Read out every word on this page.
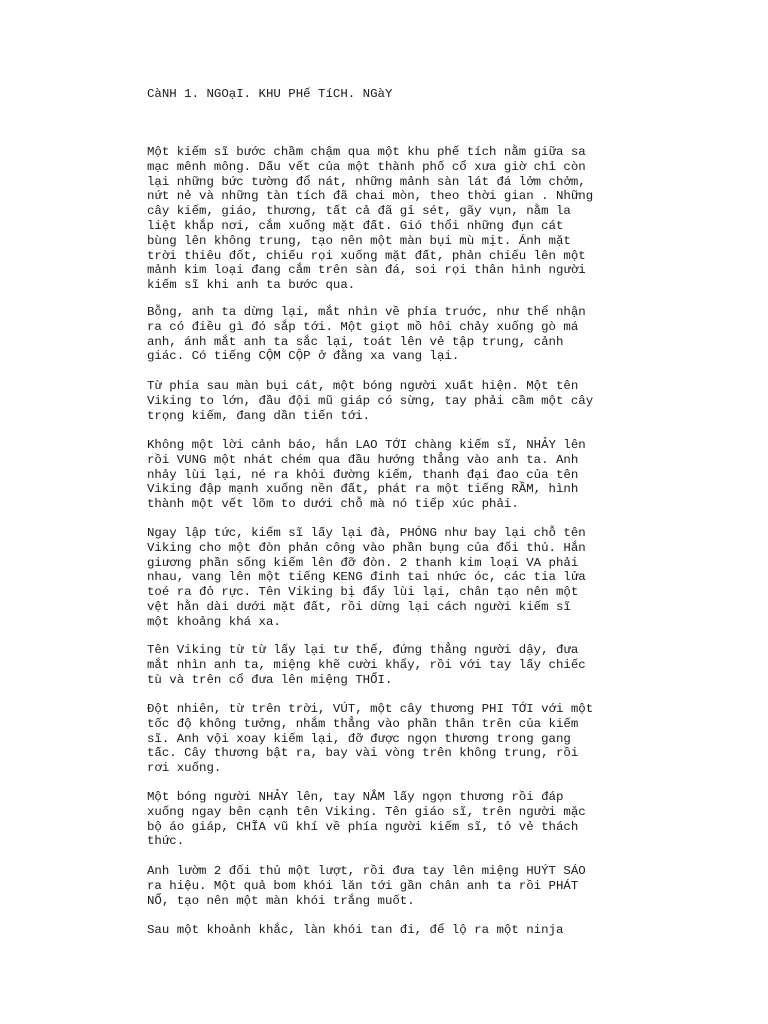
CàNH 1. NGOạI. KHU PHế TíCH. NGàY
Một kiếm sĩ bước chầm chậm qua một khu phế tích nằm giữa sa
mạc mênh mông. Dấu vết của một thành phố cổ xưa giờ chỉ còn
lại những bức tường đổ nát, những mảnh sàn lát đá lởm chởm,
nứt nẻ và những tàn tích đã chai mòn, theo thời gian . Những
cây kiếm, giáo, thương, tất cả đã gỉ sét, gãy vụn, nằm la
liệt khắp nơi, cắm xuống mặt đất. Gió thổi những đụn cát
bùng lên không trung, tạo nên một màn bụi mù mịt. Ánh mặt
trời thiêu đốt, chiếu rọi xuống mặt đất, phản chiếu lên một
mảnh kim loại đang cắm trên sàn đá, soi rọi thân hình người
kiếm sĩ khi anh ta bước qua.
Bỗng, anh ta dừng lại, mắt nhìn về phía truớc, như thể nhận
ra có điều gì đó sắp tới. Một giọt mồ hôi chảy xuống gò má
anh, ánh mắt anh ta sắc lại, toát lên vẻ tập trung, cảnh
giác. Có tiếng CỘM CỘP ở đằng xa vang lại.
Từ phía sau màn bụi cát, một bóng người xuất hiện. Một tên
Viking to lớn, đầu đội mũ giáp có sừng, tay phải cầm một cây
trọng kiếm, đang dần tiến tới.
Không một lời cảnh báo, hắn LAO TỚI chàng kiếm sĩ, NHẢY lên
rồi VUNG một nhát chém qua đầu hướng thẳng vào anh ta. Anh
nhảy lùi lại, né ra khỏi đường kiếm, thanh đại đao của tên
Viking đập mạnh xuống nền đất, phát ra một tiếng RẦM, hình
thành một vết lõm to dưới chỗ mà nó tiếp xúc phải.
Ngay lập tức, kiếm sĩ lấy lại đà, PHÓNG như bay lại chỗ tên
Viking cho một đòn phản công vào phần bụng của đối thủ. Hắn
giương phần sống kiếm lên đỡ đòn. 2 thanh kim loại VA phải
nhau, vang lên một tiếng KENG đinh tai nhức óc, các tia lửa
toé ra đỏ rực. Tên Viking bị đẩy lùi lại, chân tạo nên một
vệt hằn dài dưới mặt đất, rồi dừng lại cách người kiếm sĩ
một khoảng khá xa.
Tên Viking từ từ lấy lại tư thế, đứng thẳng người dậy, đưa
mắt nhìn anh ta, miệng khẽ cười khẩy, rồi với tay lấy chiếc
tù và trên cổ đưa lên miệng THỔI.
Đột nhiên, từ trên trời, VÚT, một cây thương PHI TỚI với một
tốc độ không tưởng, nhắm thẳng vào phần thân trên của kiếm
sĩ. Anh vội xoay kiếm lại, đỡ được ngọn thương trong gang
tấc. Cây thương bật ra, bay vài vòng trên không trung, rồi
rơi xuống.
Một bóng người NHẢY lên, tay NẮM lấy ngọn thương rồi đáp
xuống ngay bên cạnh tên Viking. Tên giáo sĩ, trên người mặc
bộ áo giáp, CHĨA vũ khí về phía người kiếm sĩ, tỏ vẻ thách
thức.
Anh lườm 2 đối thủ một lượt, rồi đưa tay lên miệng HUÝT SÁO
ra hiệu. Một quả bom khói lăn tới gần chân anh ta rồi PHÁT
NỔ, tạo nên một màn khói trắng muốt.
Sau một khoảnh khắc, làn khói tan đi, để lộ ra một ninja
